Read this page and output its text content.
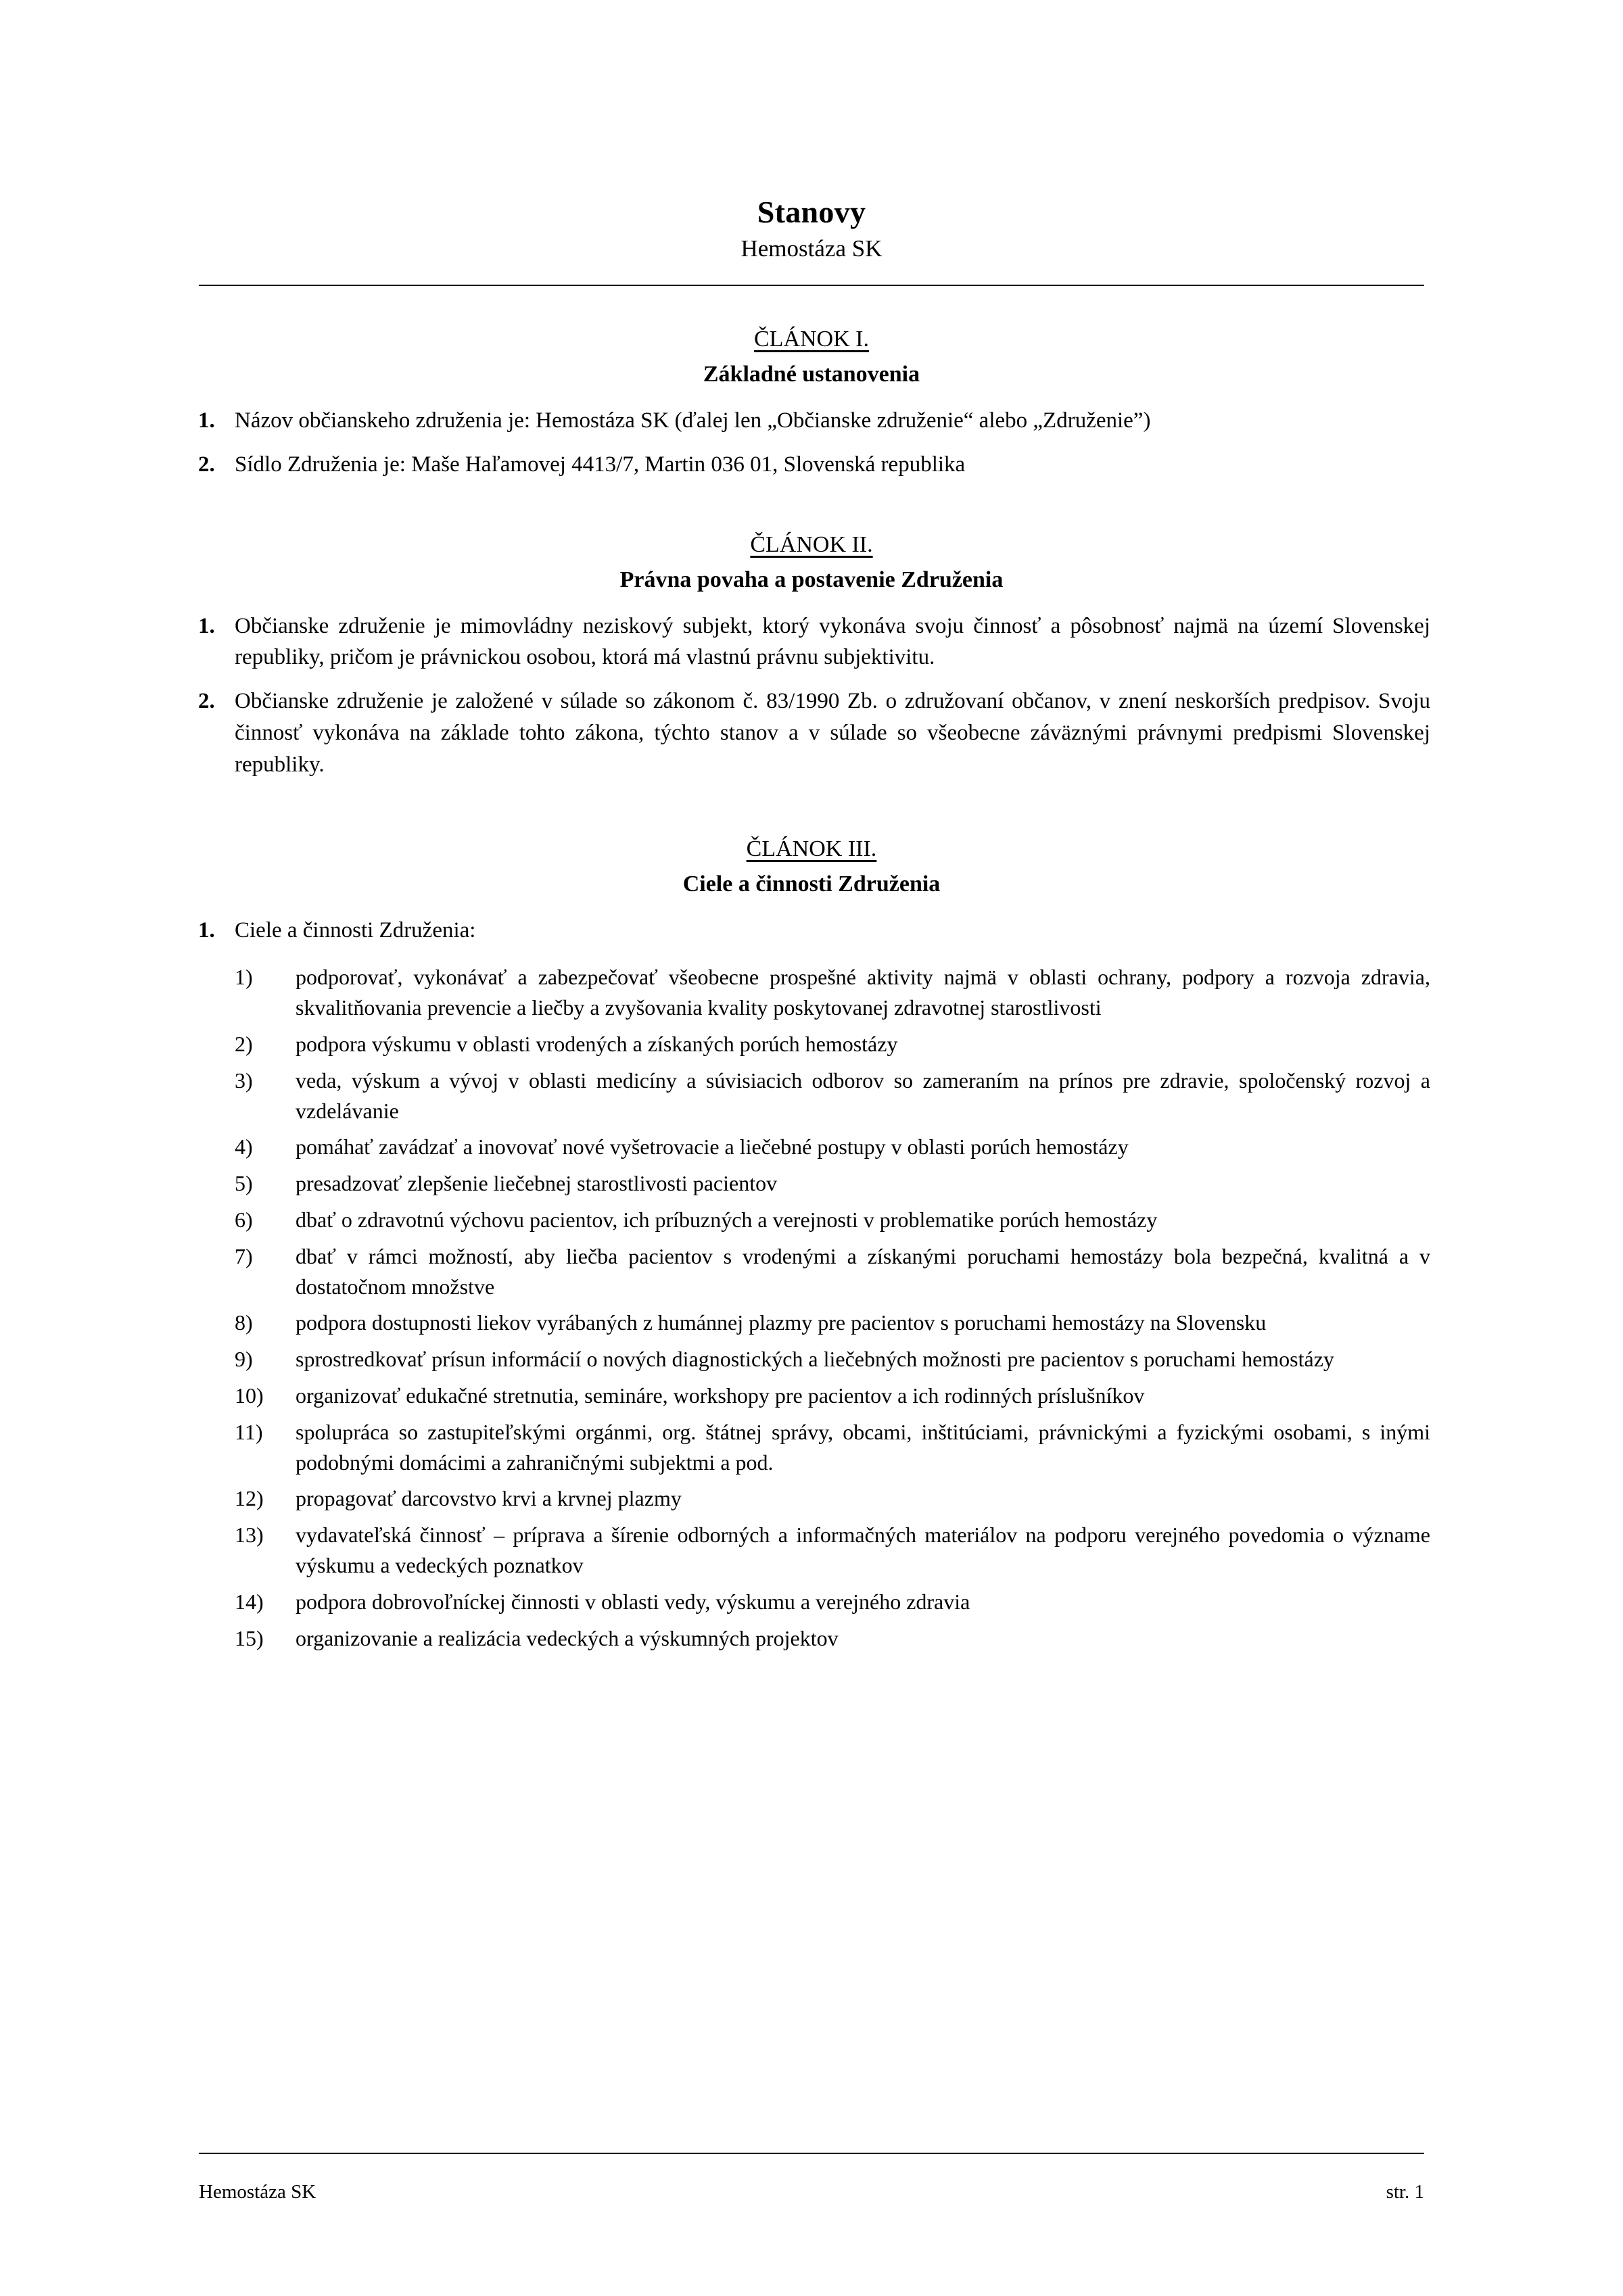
Stanovy
Hemostáza SK
ČLÁNOK I.
Základné ustanovenia
1. Názov občianskeho združenia je: Hemostáza SK (ďalej len „Občianske združenie“ alebo „Združenie”)
2. Sídlo Združenia je: Maše Haľamovej 4413/7, Martin 036 01, Slovenská republika
ČLÁNOK II.
Právna povaha a postavenie Združenia
1. Občianske združenie je mimovládny neziskový subjekt, ktorý vykonáva svoju činnosť a pôsobnosť najmä na území Slovenskej republiky, pričom je právnickou osobou, ktorá má vlastnú právnu subjektivitu.
2. Občianske združenie je založené v súlade so zákonom č. 83/1990 Zb. o združovaní občanov, v znení neskorších predpisov. Svoju činnosť vykonáva na základe tohto zákona, týchto stanov a v súlade so všeobecne záväznými právnymi predpismi Slovenskej republiky.
ČLÁNOK III.
Ciele a činnosti Združenia
1. Ciele a činnosti Združenia:
1)	podporovať, vykonávať a zabezpečovať všeobecne prospešné aktivity najmä v oblasti ochrany, podpory a rozvoja zdravia, skvalitňovania prevencie a liečby a zvyšovania kvality poskytovanej zdravotnej starostlivosti
2)	podpora výskumu v oblasti vrodených a získaných porúch hemostázy
3)	veda, výskum a vývoj v oblasti medicíny a súvisiacich odborov so zameraním na prínos pre zdravie, spoločenský rozvoj a vzdelávanie
4)	pomáhať zavádzať a inovovať nové vyšetrovacie a liečebné postupy v oblasti porúch hemostázy
5)	presadzovať zlepšenie liečebnej starostlivosti pacientov
6)	dbať o zdravotnú výchovu pacientov, ich príbuzných a verejnosti v problematike porúch hemostázy
7)	dbať v rámci možností, aby liečba pacientov s vrodenými a získanými poruchami hemostázy bola bezpečná, kvalitná a v dostatočnom množstve
8)	podpora dostupnosti liekov vyrábaných z humánnej plazmy pre pacientov s poruchami hemostázy na Slovensku
9)	sprostredkovať prísun informácií o nových diagnostických a liečebných možnosti pre pacientov s poruchami hemostázy
10)	organizovať edukačné stretnutia, semináre, workshopy pre pacientov a ich rodinných príslušníkov
11)	spolupráca so zastupiteľskými orgánmi, org. štátnej správy, obcami, inštitúciami, právnickými a fyzickými osobami, s inými podobnými domácimi a zahraničnými subjektmi a pod.
12)	propagovať darcovstvo krvi a krvnej plazmy
13)	vydavateľská činnosť – príprava a šírenie odborných a informačných materiálov na podporu verejného povedomia o význame výskumu a vedeckých poznatkov
14)	podpora dobrovoľníckej činnosti v oblasti vedy, výskumu a verejného zdravia
15)	organizovanie a realizácia vedeckých a výskumných projektov
Hemostáza SK	str. 1
